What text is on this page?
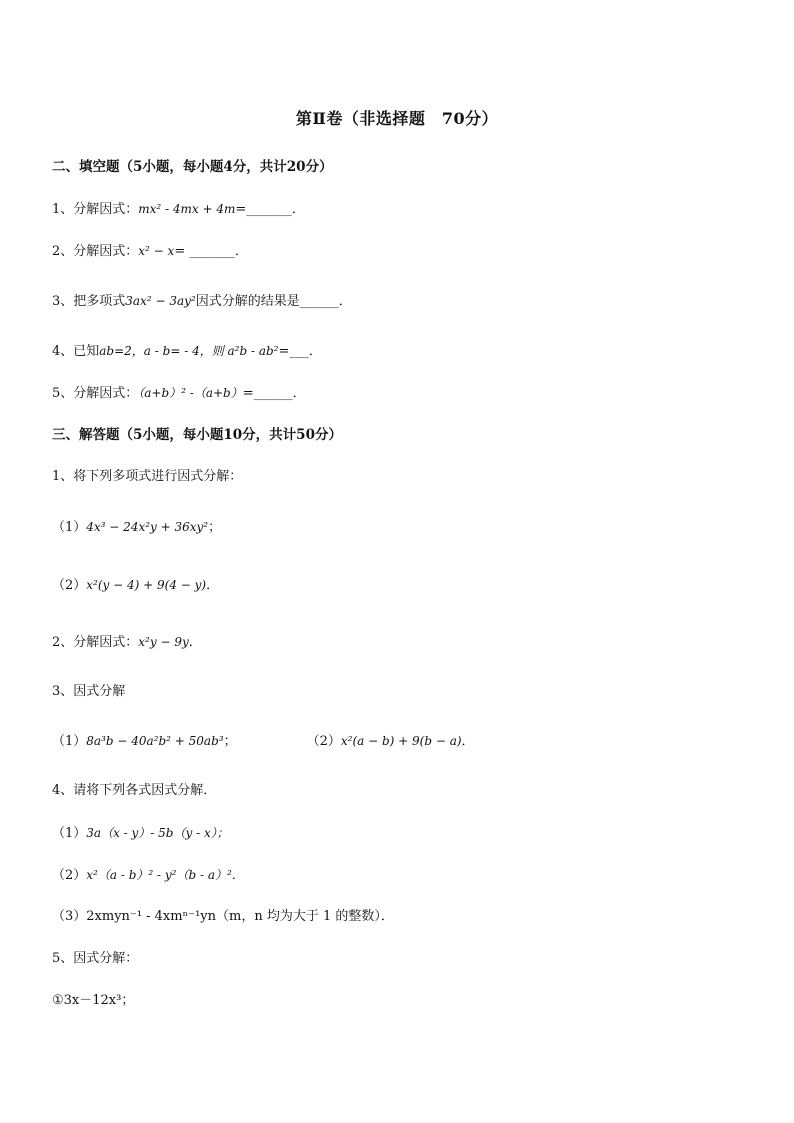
第Ⅱ卷（非选择题　70分）
二、填空题（5小题，每小题4分，共计20分）
1、分解因式：mx² - 4mx + 4m=_______．
2、分解因式：x² − x= _______．
3、把多项式3ax² − 3ay²因式分解的结果是______．
4、已知ab=2，a - b= - 4，则 a²b - ab²=___．
5、分解因式：（a+b）² -（a+b）=______．
三、解答题（5小题，每小题10分，共计50分）
1、将下列多项式进行因式分解：
（1）4x³ − 24x²y + 36xy²；
（2）x²(y − 4) + 9(4 − y)．
2、分解因式：x²y − 9y．
3、因式分解
（1）8a³b − 40a²b² + 50ab³；	（2）x²(a − b) + 9(b − a)．
4、请将下列各式因式分解．
（1）3a（x - y）- 5b（y - x）；
（2）x²（a - b）² - y²（b - a）²．
（3）2xmyn⁻¹ - 4xmⁿ⁻¹yn（m，n 均为大于 1 的整数）．
5、因式分解：
①3x－12x³；
